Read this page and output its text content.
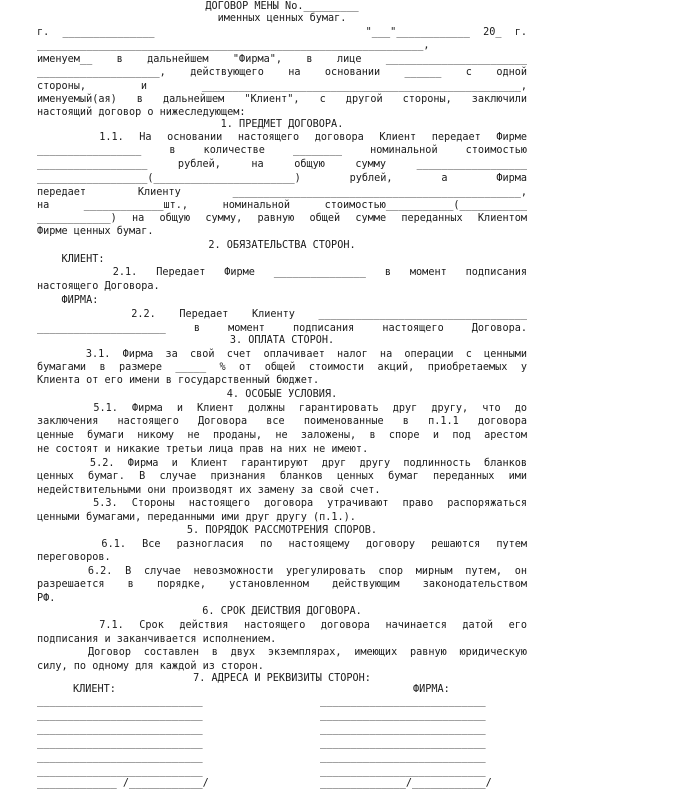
ДОГОВОР МЕНЫ No._________
именных ценных бумаг.
г. _______________                "___"____________ 20_ г.
_______________________________________________________________,
именуем__ в дальнейшем "Фирма", в лице _______________________
____________________, действующего на основании ______ с одной
стороны, и ____________________________________________________,
именуемый(ая) в дальнейшем "Клиент", с другой стороны, заключили
настоящий договор о нижеследующем:
1. ПРЕДМЕТ ДОГОВОРА.
1.1. На основании настоящего договора Клиент передает Фирме
_________________ в количестве ________ номинальной стоимостью
__________________ рублей, на общую сумму __________________
__________________(_______________________) рублей, а Фирма
передает Клиенту _______________________________________________,
на _____________шт., номинальной стоимостью___________(___________
____________) на общую сумму, равную общей сумме переданных Клиентом
Фирме ценных бумаг.
2. ОБЯЗАТЕЛЬСТВА СТОРОН.
КЛИЕНТ:
2.1. Передает Фирме _______________ в момент подписания
настоящего Договора.
ФИРМА:
2.2. Передает Клиенту __________________________________
_____________________ в момент подписания настоящего Договора.
3. ОПЛАТА СТОРОН.
3.1. Фирма за свой счет оплачивает налог на операции с ценными
бумагами в размере _____ % от общей стоимости акций, приобретаемых у
Клиента от его имени в государственный бюджет.
4. ОСОБЫЕ УСЛОВИЯ.
5.1. Фирма и Клиент должны гарантировать друг другу, что до
заключения настоящего Договора все поименованные в п.1.1 договора
ценные бумаги никому не проданы, не заложены, в споре и под арестом
не состоят и никакие третьи лица прав на них не имеют.
5.2. Фирма и Клиент гарантируют друг другу подлинность бланков
ценных бумаг. В случае признания бланков ценных бумаг переданных ими
недействительными они производят их замену за свой счет.
5.3. Стороны настоящего договора утрачивают право распоряжаться
ценными бумагами, переданными ими друг другу (п.1.).
5. ПОРЯДОК РАССМОТРЕНИЯ СПОРОВ.
6.1. Все разногласия по настоящему договору решаются путем
переговоров.
6.2. В случае невозможности урегулировать спор мирным путем, он
разрешается в порядке, установленном действующим законодательством
РФ.
6. СРОК ДЕЙСТВИЯ ДОГОВОРА.
7.1. Срок действия настоящего договора начинается датой его
подписания и заканчивается исполнением.
Договор составлен в двух экземплярах, имеющих равную юридическую
силу, по одному для каждой из сторон.
7. АДРЕСА И РЕКВИЗИТЫ СТОРОН:
КЛИЕНТ:	ФИРМА:
___________________________
___________________________
___________________________
___________________________
___________________________
___________________________
_____________ /____________/
___________________________
___________________________
___________________________
___________________________
___________________________
___________________________
______________/____________/
